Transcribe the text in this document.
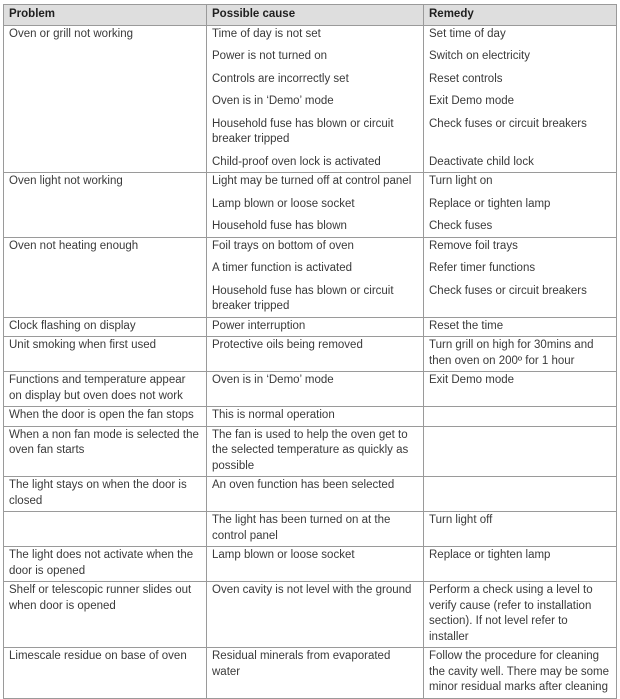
Problem	Possible cause	Remedy
Oven or grill not working	Time of day is not set	Set time of day
	Power is not turned on	Switch on electricity
	Controls are incorrectly set	Reset controls
	Oven is in ‘Demo’ mode	Exit Demo mode
	Household fuse has blown or circuit breaker tripped	Check fuses or circuit breakers
	Child-proof oven lock is activated	Deactivate child lock
Oven light not working	Light may be turned off at control panel	Turn light on
	Lamp blown or loose socket	Replace or tighten lamp
	Household fuse has blown	Check fuses
Oven not heating enough	Foil trays on bottom of oven	Remove foil trays
	A timer function is activated	Refer timer functions
	Household fuse has blown or circuit breaker tripped	Check fuses or circuit breakers
Clock flashing on display	Power interruption	Reset the time
Unit smoking when first used	Protective oils being removed	Turn grill on high for 30mins and then oven on 200º for 1 hour
Functions and temperature appear on display but oven does not work	Oven is in ‘Demo’ mode	Exit Demo mode
When the door is open the fan stops	This is normal operation	
When a non fan mode is selected the oven fan starts	The fan is used to help the oven get to the selected temperature as quickly as possible	
The light stays on when the door is closed	An oven function has been selected	
	The light has been turned on at the control panel	Turn light off
The light does not activate when the door is opened	Lamp blown or loose socket	Replace or tighten lamp
Shelf or telescopic runner slides out when door is opened	Oven cavity is not level with the ground	Perform a check using a level to verify cause (refer to installation section). If not level refer to installer
Limescale residue on base of oven	Residual minerals from evaporated water	Follow the procedure for cleaning the cavity well. There may be some minor residual marks after cleaning
